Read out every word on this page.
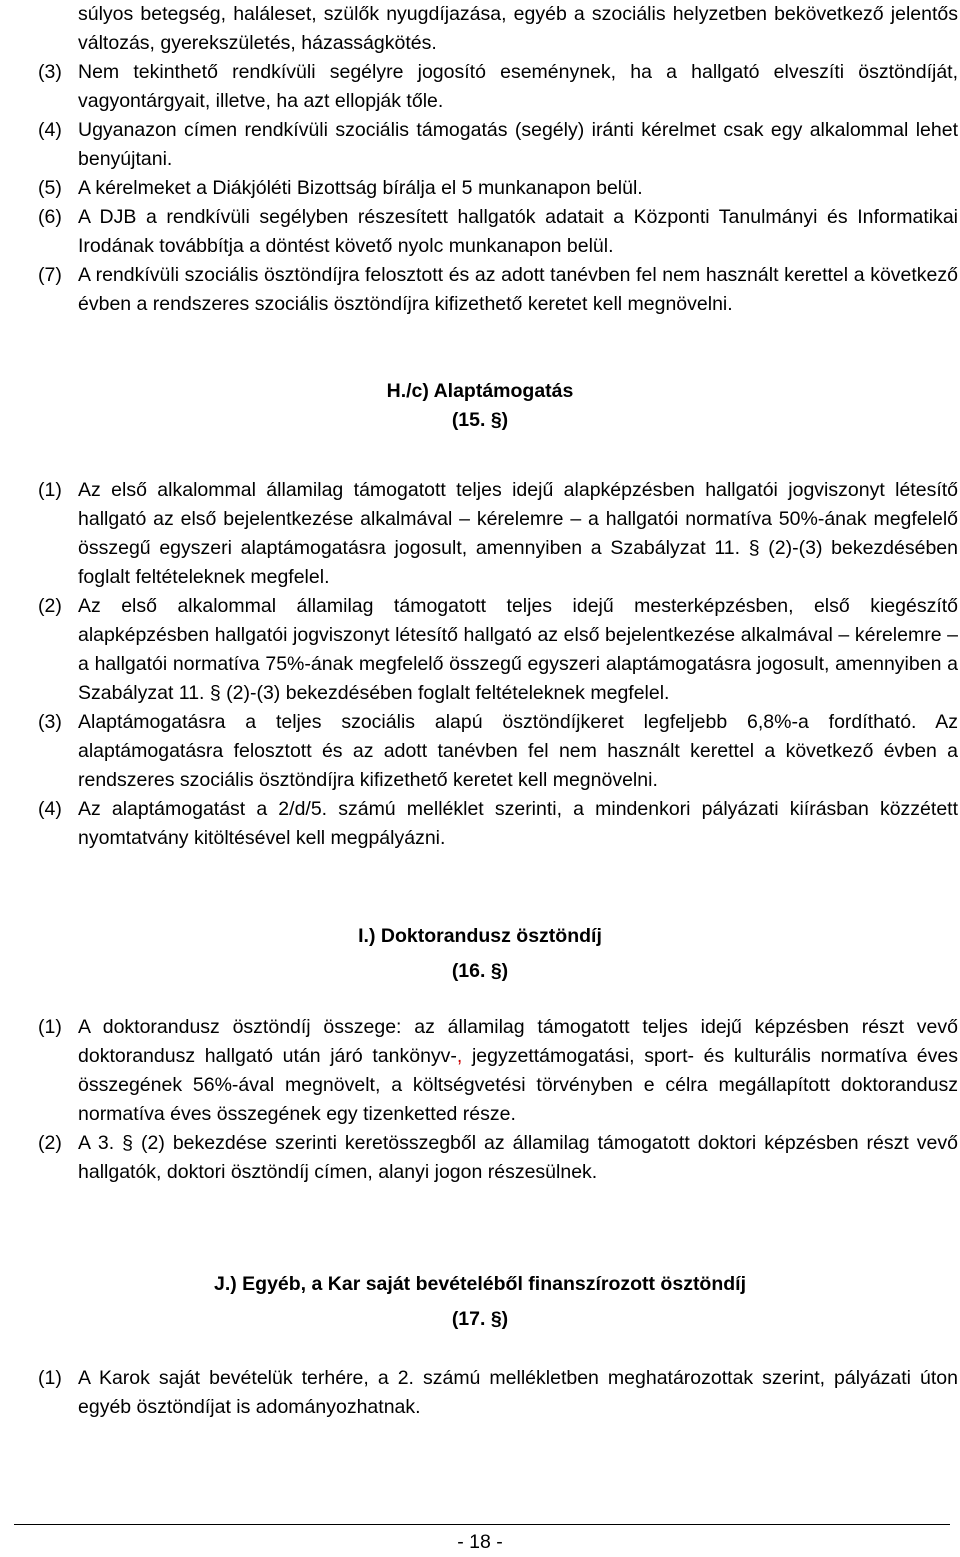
súlyos betegség, haláleset, szülők nyugdíjazása, egyéb a szociális helyzetben bekövetkező jelentős változás, gyerekszületés, házasságkötés.
(3) Nem tekinthető rendkívüli segélyre jogosító eseménynek, ha a hallgató elveszíti ösztöndíját, vagyontárgyait, illetve, ha azt ellopják tőle.
(4) Ugyanazon címen rendkívüli szociális támogatás (segély) iránti kérelmet csak egy alkalommal lehet benyújtani.
(5) A kérelmeket a Diákjóléti Bizottság bírálja el 5 munkanapon belül.
(6) A DJB a rendkívüli segélyben részesített hallgatók adatait a Központi Tanulmányi és Informatikai Irodának továbbítja a döntést követő nyolc munkanapon belül.
(7) A rendkívüli szociális ösztöndíjra felosztott és az adott tanévben fel nem használt kerettel a következő évben a rendszeres szociális ösztöndíjra kifizethető keretet kell megnövelni.
H./c) Alaptámogatás
(15. §)
(1) Az első alkalommal államilag támogatott teljes idejű alapképzésben hallgatói jogviszonyt létesítő hallgató az első bejelentkezése alkalmával – kérelemre – a hallgatói normatíva 50%-ának megfelelő összegű egyszeri alaptámogatásra jogosult, amennyiben a Szabályzat 11. § (2)-(3) bekezdésében foglalt feltételeknek megfelel.
(2) Az első alkalommal államilag támogatott teljes idejű mesterképzésben, első kiegészítő alapképzésben hallgatói jogviszonyt létesítő hallgató az első bejelentkezése alkalmával – kérelemre – a hallgatói normatíva 75%-ának megfelelő összegű egyszeri alaptámogatásra jogosult, amennyiben a Szabályzat 11. § (2)-(3) bekezdésében foglalt feltételeknek megfelel.
(3) Alaptámogatásra a teljes szociális alapú ösztöndíjkeret legfeljebb 6,8%-a fordítható. Az alaptámogatásra felosztott és az adott tanévben fel nem használt kerettel a következő évben a rendszeres szociális ösztöndíjra kifizethető keretet kell megnövelni.
(4) Az alaptámogatást a 2/d/5. számú melléklet szerinti, a mindenkori pályázati kiírásban közzétett nyomtatvány kitöltésével kell megpályázni.
I.) Doktorandusz ösztöndíj
(16. §)
(1) A doktorandusz ösztöndíj összege: az államilag támogatott teljes idejű képzésben részt vevő doktorandusz hallgató után járó tankönyv-, jegyzettámogatási, sport- és kulturális normatíva éves összegének 56%-ával megnövelt, a költségvetési törvényben e célra megállapított doktorandusz normatíva éves összegének egy tizenketted része.
(2) A 3. § (2) bekezdése szerinti keretösszegből az államilag támogatott doktori képzésben részt vevő hallgatók, doktori ösztöndíj címen, alanyi jogon részesülnek.
J.) Egyéb, a Kar saját bevételéből finanszírozott ösztöndíj
(17. §)
(1) A Karok saját bevételük terhére, a 2. számú mellékletben meghatározottak szerint, pályázati úton egyéb ösztöndíjat is adományozhatnak.
- 18 -
